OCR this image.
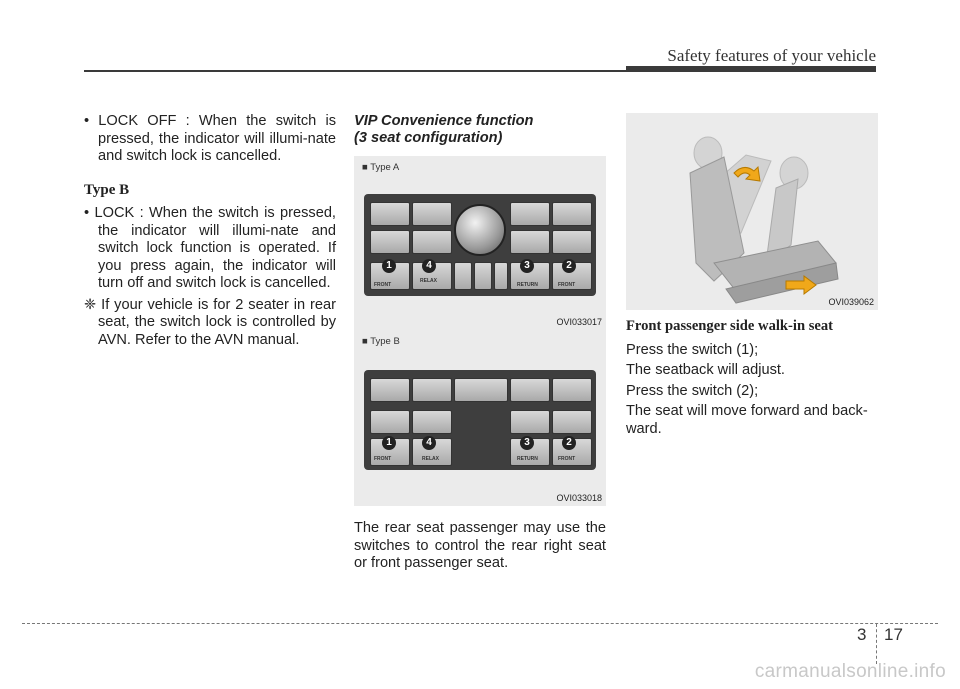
Safety features of your vehicle
• LOCK OFF : When the switch is pressed, the indicator will illumi-nate and switch lock is cancelled.
Type B
• LOCK : When the switch is pressed, the indicator will illumi-nate and switch lock function is operated. If you press again, the indicator will turn off and switch lock is cancelled.
❈ If your vehicle is for 2 seater in rear seat, the switch lock is controlled by AVN. Refer to the AVN manual.
VIP Convenience function
(3 seat configuration)
■ Type A
FRONT
RELAX
RETURN	FRONT
1	4	3	2
OVI033017
■ Type B
FRONT	RELAX	RETURN	FRONT
1	4	3	2
OVI033018
The rear seat passenger may use the switches to control the rear right seat or front passenger seat.
OVI039062
Front passenger side walk-in seat
Press the switch (1);
The seatback will adjust.
Press the switch (2);
The seat will move forward and back-ward.
3 17
carmanualsonline.info
